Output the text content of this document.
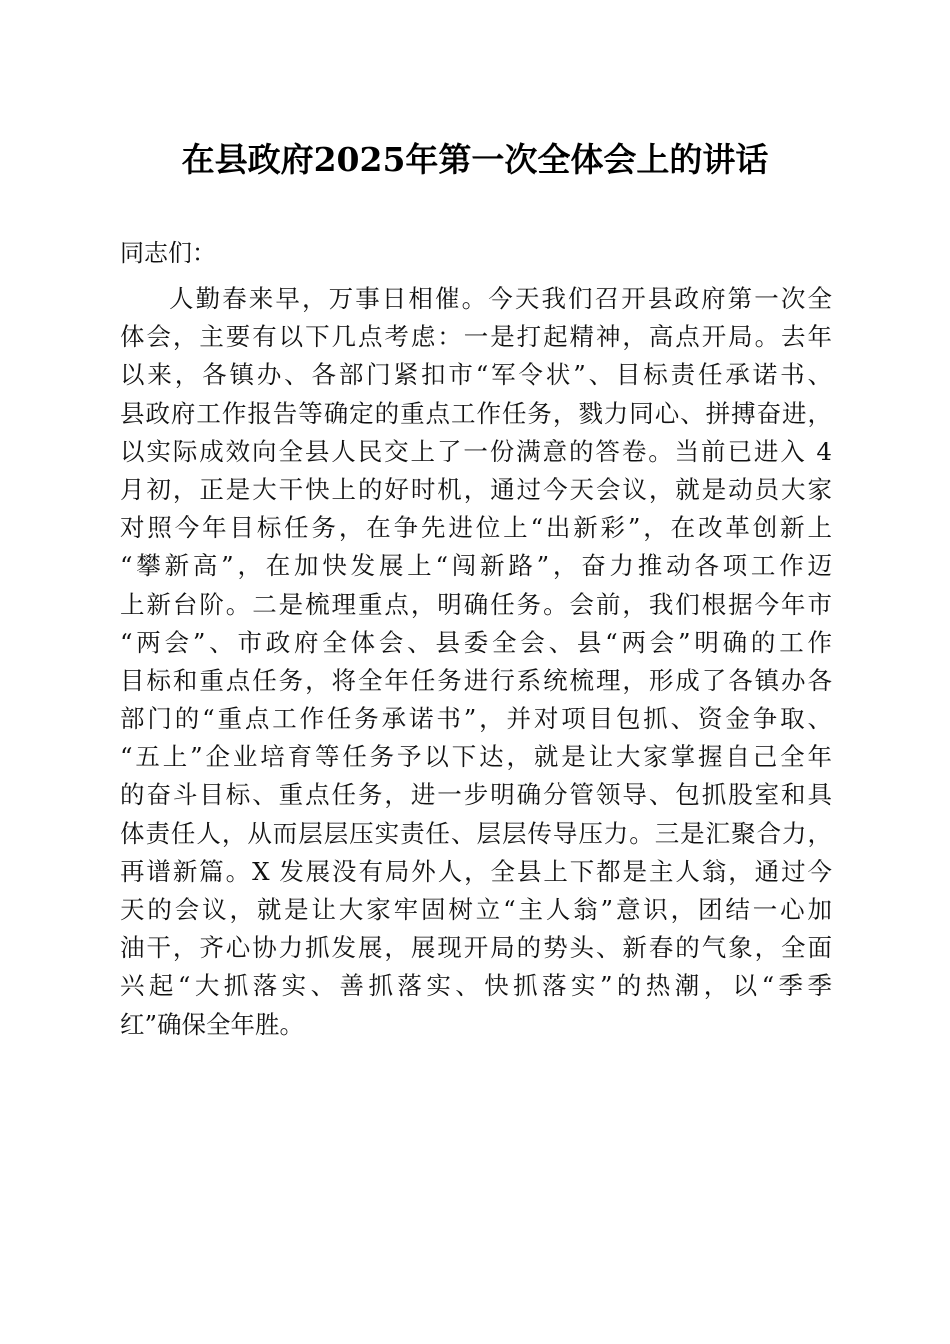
在县政府2025年第一次全体会上的讲话
同志们：
人勤春来早，万事日相催。今天我们召开县政府第一次全
体会，主要有以下几点考虑：一是打起精神，高点开局。去年
以来，各镇办、各部门紧扣市“军令状”、目标责任承诺书、
县政府工作报告等确定的重点工作任务，戮力同心、拼搏奋进，
以实际成效向全县人民交上了一份满意的答卷。当前已进入 4
月初，正是大干快上的好时机，通过今天会议，就是动员大家
对照今年目标任务，在争先进位上“出新彩”，在改革创新上
“攀新高”，在加快发展上“闯新路”，奋力推动各项工作迈
上新台阶。二是梳理重点，明确任务。会前，我们根据今年市
“两会”、市政府全体会、县委全会、县“两会”明确的工作
目标和重点任务，将全年任务进行系统梳理，形成了各镇办各
部门的“重点工作任务承诺书”，并对项目包抓、资金争取、
“五上”企业培育等任务予以下达，就是让大家掌握自己全年
的奋斗目标、重点任务，进一步明确分管领导、包抓股室和具
体责任人，从而层层压实责任、层层传导压力。三是汇聚合力，
再谱新篇。X 发展没有局外人，全县上下都是主人翁，通过今
天的会议，就是让大家牢固树立“主人翁”意识，团结一心加
油干，齐心协力抓发展，展现开局的势头、新春的气象，全面
兴起“大抓落实、善抓落实、快抓落实”的热潮，以“季季
红”确保全年胜。
